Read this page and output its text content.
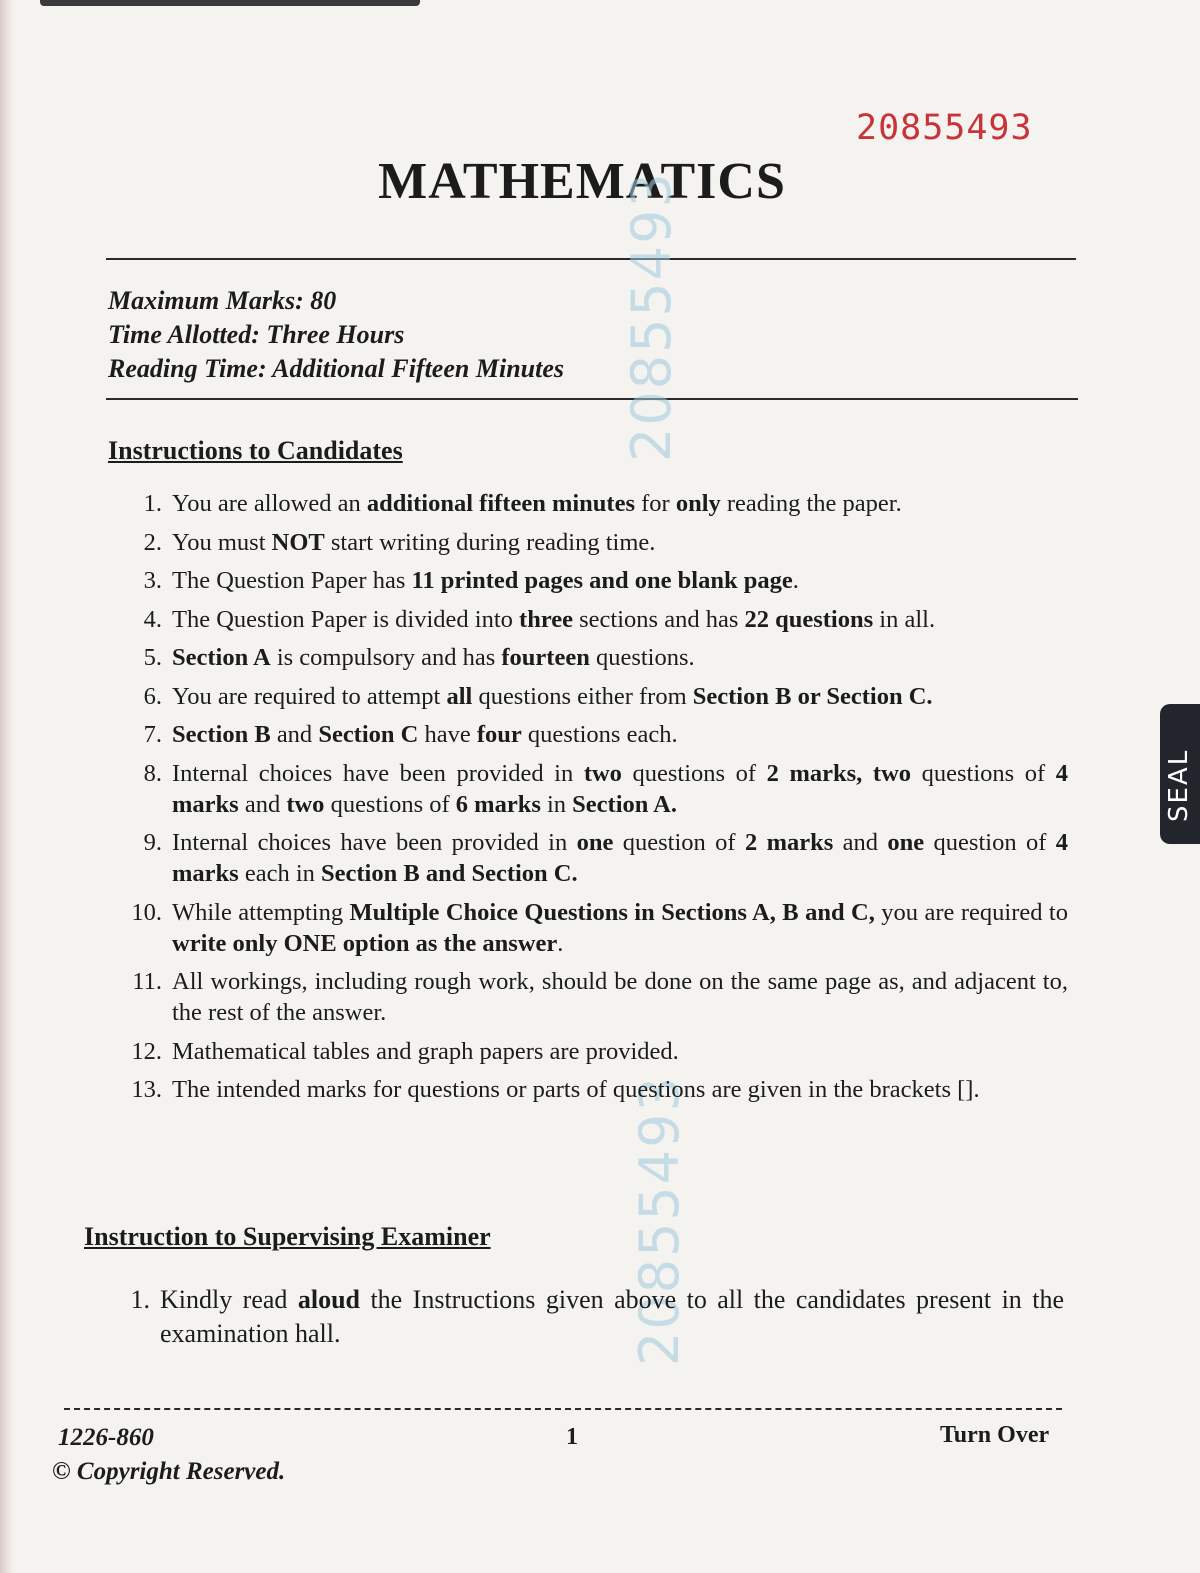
20855493
MATHEMATICS
Maximum Marks: 80
Time Allotted: Three Hours
Reading Time: Additional Fifteen Minutes 20855493
20855493
Instructions to Candidates
1. You are allowed an additional fifteen minutes for only reading the paper.
2. You must NOT start writing during reading time.
3. The Question Paper has 11 printed pages and one blank page.
4. The Question Paper is divided into three sections and has 22 questions in all.
5. Section A is compulsory and has fourteen questions.
6. You are required to attempt all questions either from Section B or Section C.
7. Section B and Section C have four questions each.
8. Internal choices have been provided in two questions of 2 marks, two questions of 4 marks and two questions of 6 marks in Section A.
9. Internal choices have been provided in one question of 2 marks and one question of 4 marks each in Section B and Section C.
10. While attempting Multiple Choice Questions in Sections A, B and C, you are required to write only ONE option as the answer.
11. All workings, including rough work, should be done on the same page as, and adjacent to, the rest of the answer.
12. Mathematical tables and graph papers are provided.
13. The intended marks for questions or parts of questions are given in the brackets [].
Instruction to Supervising Examiner
1. Kindly read aloud the Instructions given above to all the candidates present in the examination hall.
1226-860
© Copyright Reserved.
1	Turn Over
SEAL
